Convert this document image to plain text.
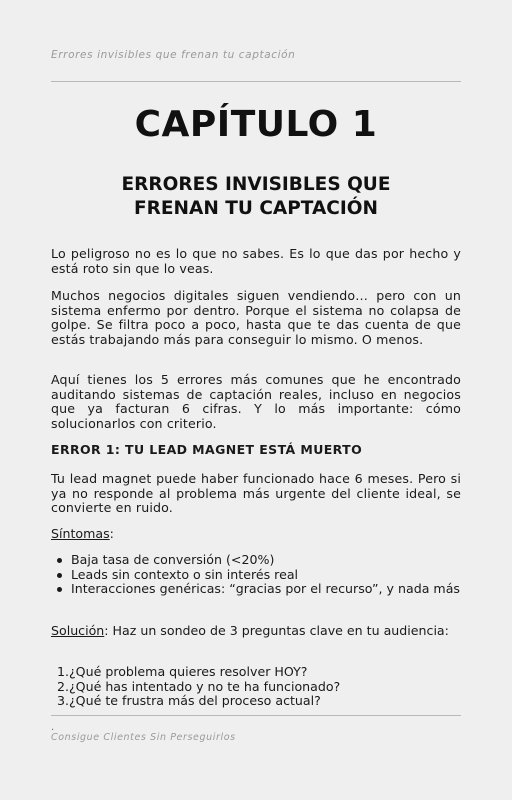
Errores invisibles que frenan tu captación
CAPÍTULO 1
ERRORES INVISIBLES QUE
FRENAN TU CAPTACIÓN
Lo peligroso no es lo que no sabes. Es lo que das por hecho y está roto sin que lo veas.
Muchos negocios digitales siguen vendiendo… pero con un sistema enfermo por dentro. Porque el sistema no colapsa de golpe. Se filtra poco a poco, hasta que te das cuenta de que estás trabajando más para conseguir lo mismo. O menos.
Aquí tienes los 5 errores más comunes que he encontrado auditando sistemas de captación reales, incluso en negocios que ya facturan 6 cifras. Y lo más importante: cómo solucionarlos con criterio.
ERROR 1: TU LEAD MAGNET ESTÁ MUERTO
Tu lead magnet puede haber funcionado hace 6 meses. Pero si ya no responde al problema más urgente del cliente ideal, se convierte en ruido.
Síntomas:
Baja tasa de conversión (<20%)
Leads sin contexto o sin interés real
Interacciones genéricas: “gracias por el recurso”, y nada más
Solución: Haz un sondeo de 3 preguntas clave en tu audiencia:
1. ¿Qué problema quieres resolver HOY?
2. ¿Qué has intentado y no te ha funcionado?
3. ¿Qué te frustra más del proceso actual?
.
Consigue Clientes Sin Perseguirlos
